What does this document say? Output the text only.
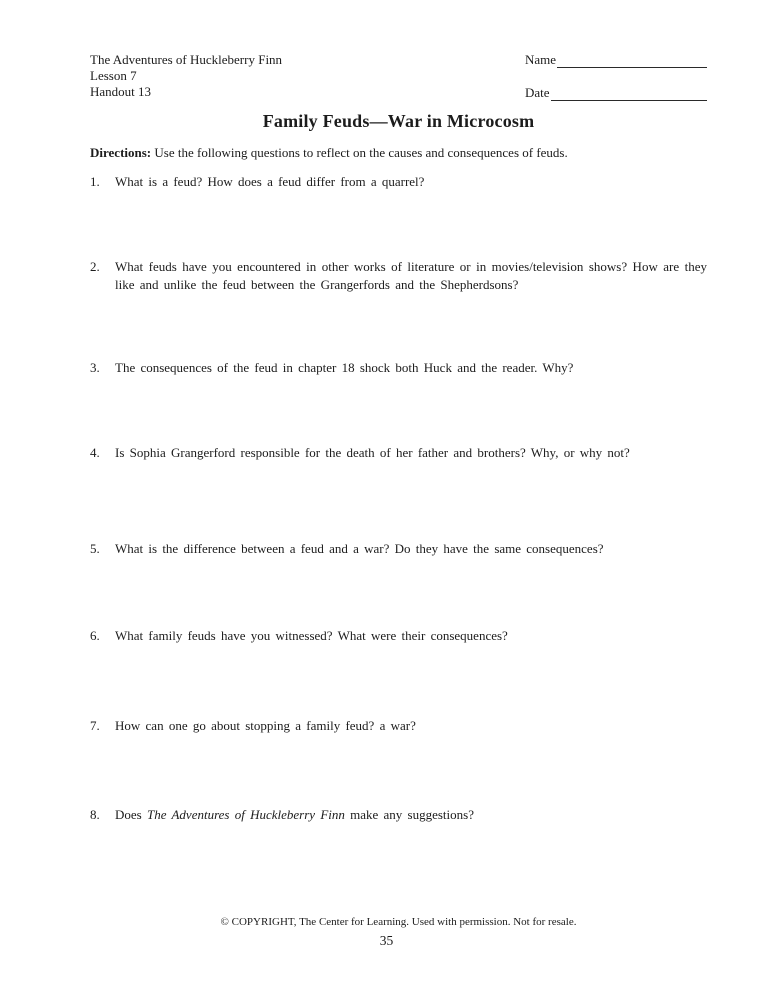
The Adventures of Huckleberry Finn
Lesson 7
Handout 13
Name
Date
Family Feuds—War in Microcosm
Directions: Use the following questions to reflect on the causes and consequences of feuds.
1.	What is a feud? How does a feud differ from a quarrel?
2.	What feuds have you encountered in other works of literature or in movies/television shows? How are they like and unlike the feud between the Grangerfords and the Shepherdsons?
3.	The consequences of the feud in chapter 18 shock both Huck and the reader. Why?
4.	Is Sophia Grangerford responsible for the death of her father and brothers? Why, or why not?
5.	What is the difference between a feud and a war? Do they have the same consequences?
6.	What family feuds have you witnessed? What were their consequences?
7.	How can one go about stopping a family feud? a war?
8.	Does The Adventures of Huckleberry Finn make any suggestions?
© COPYRIGHT, The Center for Learning. Used with permission. Not for resale.
35
